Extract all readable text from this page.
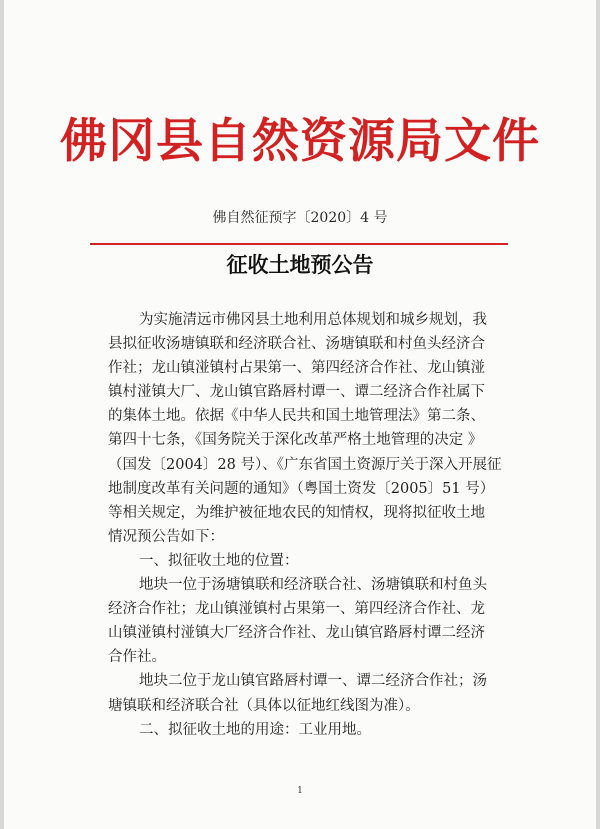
佛冈县自然资源局文件
佛自然征预字〔2020〕4 号
征收土地预公告
为实施清远市佛冈县土地利用总体规划和城乡规划，我
县拟征收汤塘镇联和经济联合社、汤塘镇联和村鱼头经济合
作社；龙山镇湴镇村占果第一、第四经济合作社、龙山镇湴
镇村湴镇大厂、龙山镇官路唇村谭一、谭二经济合作社属下
的集体土地。依据《中华人民共和国土地管理法》第二条、
第四十七条，《国务院关于深化改革严格土地管理的决定 》
（国发〔2004〕28 号）、《广东省国土资源厅关于深入开展征
地制度改革有关问题的通知》（粤国土资发〔2005〕51 号）
等相关规定，为维护被征地农民的知情权，现将拟征收土地
情况预公告如下：
一、拟征收土地的位置：
地块一位于汤塘镇联和经济联合社、汤塘镇联和村鱼头
经济合作社；龙山镇湴镇村占果第一、第四经济合作社、龙
山镇湴镇村湴镇大厂经济合作社、龙山镇官路唇村谭二经济
合作社。
地块二位于龙山镇官路唇村谭一、谭二经济合作社；汤
塘镇联和经济联合社（具体以征地红线图为准）。
二、拟征收土地的用途：工业用地。
1
